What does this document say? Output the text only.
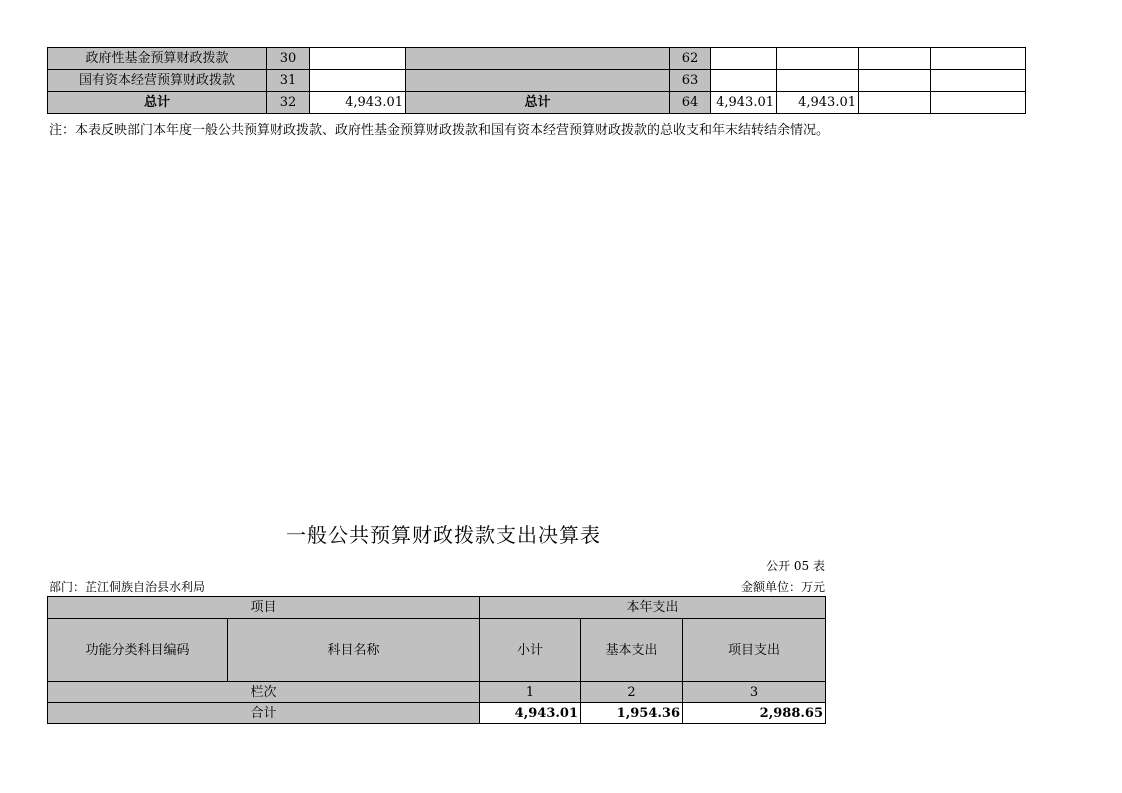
政府性基金预算财政拨款	30			62				
国有资本经营预算财政拨款	31			63				
总计	32	4,943.01	总计	64	4,943.01	4,943.01		
注：本表反映部门本年度一般公共预算财政拨款、政府性基金预算财政拨款和国有资本经营预算财政拨款的总收支和年末结转结余情况。
一般公共预算财政拨款支出决算表
公开 05 表
部门：芷江侗族自治县水利局	金额单位：万元
项目		本年支出		
功能分类科目编码	科目名称	小计	基本支出	项目支出
栏次		1	2	3
合计		4,943.01	1,954.36	2,988.65
